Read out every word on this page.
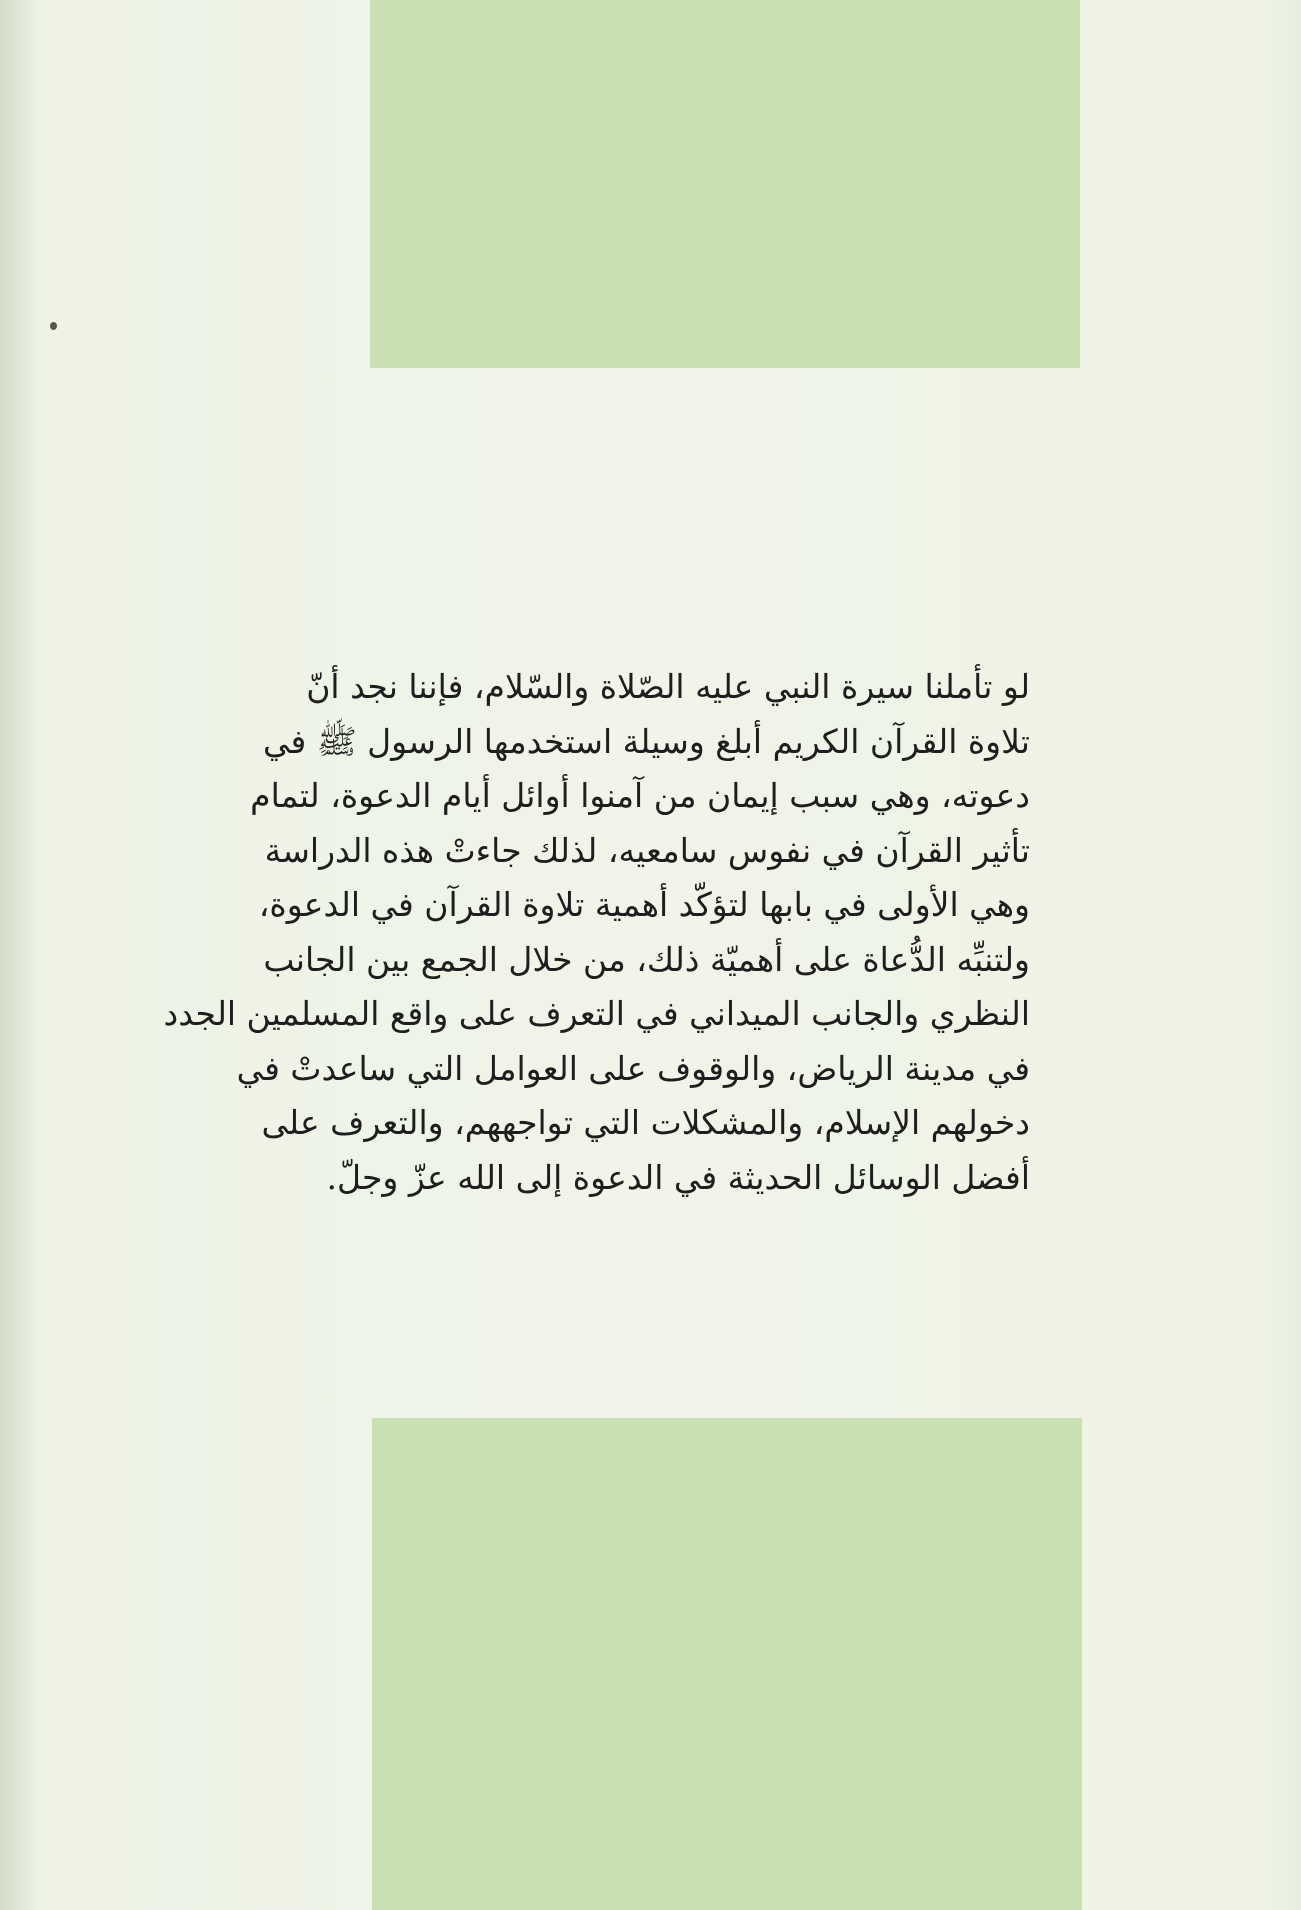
لو تأملنا سيرة النبي عليه الصّلاة والسّلام، فإننا نجد أنّ
تلاوة القرآن الكريم أبلغ وسيلة استخدمها الرسول ﷺ في
دعوته، وهي سبب إيمان من آمنوا أوائل أيام الدعوة، لتمام
تأثير القرآن في نفوس سامعيه، لذلك جاءتْ هذه الدراسة
وهي الأولى في بابها لتؤكّد أهمية تلاوة القرآن في الدعوة،
ولتنبِّه الدُّعاة على أهميّة ذلك، من خلال الجمع بين الجانب
النظري والجانب الميداني في التعرف على واقع المسلمين الجدد
في مدينة الرياض، والوقوف على العوامل التي ساعدتْ في
دخولهم الإسلام، والمشكلات التي تواجههم، والتعرف على
أفضل الوسائل الحديثة في الدعوة إلى الله عزّ وجلّ.
